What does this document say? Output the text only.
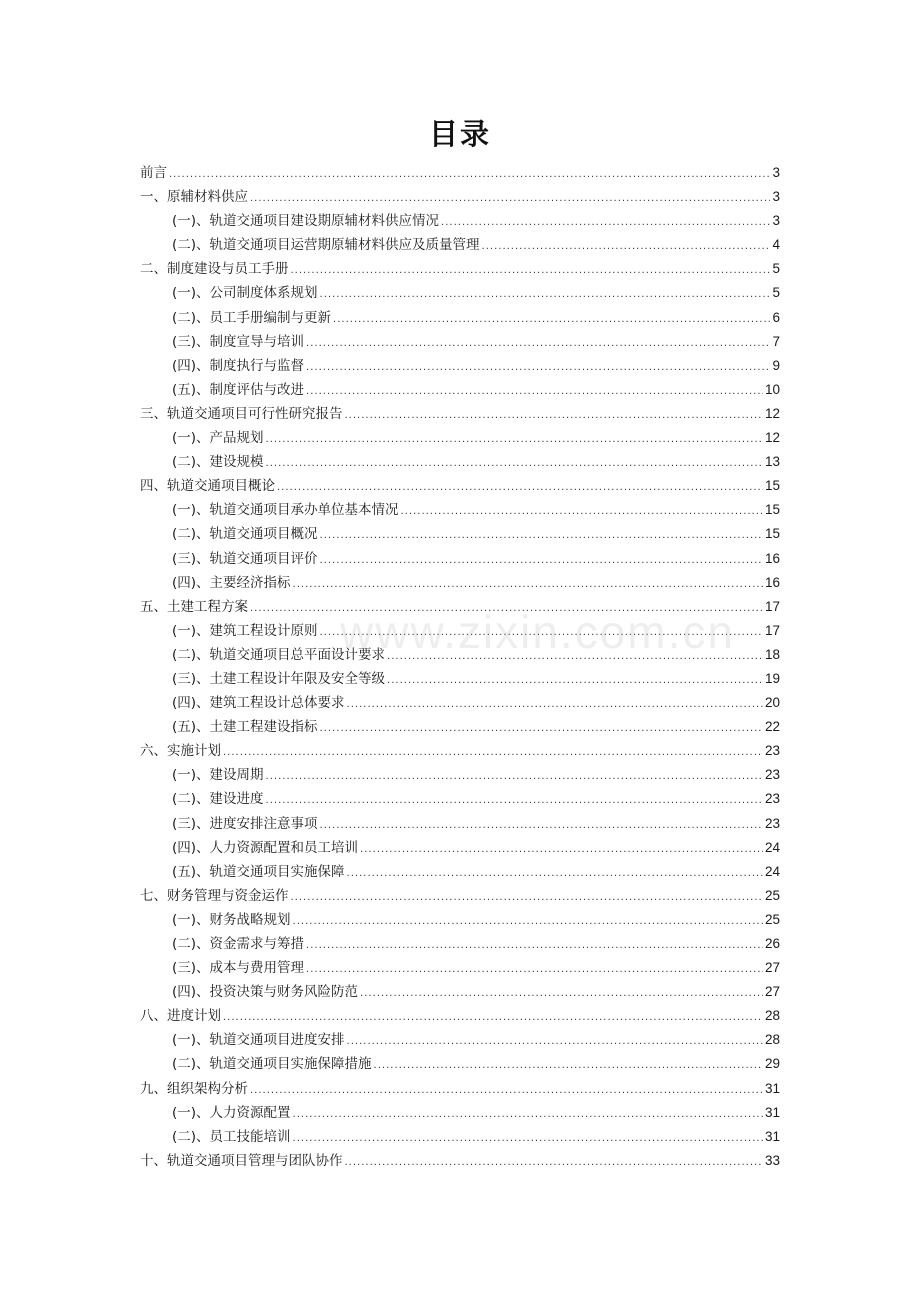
目录
前言 .....	3
一、原辅材料供应 .....	3
(一)、轨道交通项目建设期原辅材料供应情况 .....	3
(二)、轨道交通项目运营期原辅材料供应及质量管理 .....	4
二、制度建设与员工手册 .....	5
(一)、公司制度体系规划 .....	5
(二)、员工手册编制与更新 .....	6
(三)、制度宣导与培训 .....	7
(四)、制度执行与监督 .....	9
(五)、制度评估与改进 .....	10
三、轨道交通项目可行性研究报告 .....	12
(一)、产品规划 .....	12
(二)、建设规模 .....	13
四、轨道交通项目概论 .....	15
(一)、轨道交通项目承办单位基本情况 .....	15
(二)、轨道交通项目概况 .....	15
(三)、轨道交通项目评价 .....	16
(四)、主要经济指标 .....	16
五、土建工程方案 .....	17
(一)、建筑工程设计原则 .....	17
(二)、轨道交通项目总平面设计要求 .....	18
(三)、土建工程设计年限及安全等级 .....	19
(四)、建筑工程设计总体要求 .....	20
(五)、土建工程建设指标 .....	22
六、实施计划 .....	23
(一)、建设周期 .....	23
(二)、建设进度 .....	23
(三)、进度安排注意事项 .....	23
(四)、人力资源配置和员工培训 .....	24
(五)、轨道交通项目实施保障 .....	24
七、财务管理与资金运作 .....	25
(一)、财务战略规划 .....	25
(二)、资金需求与筹措 .....	26
(三)、成本与费用管理 .....	27
(四)、投资决策与财务风险防范 .....	27
八、进度计划 .....	28
(一)、轨道交通项目进度安排 .....	28
(二)、轨道交通项目实施保障措施 .....	29
九、组织架构分析 .....	31
(一)、人力资源配置 .....	31
(二)、员工技能培训 .....	31
十、轨道交通项目管理与团队协作 .....	33
www.zixin.com.cn
